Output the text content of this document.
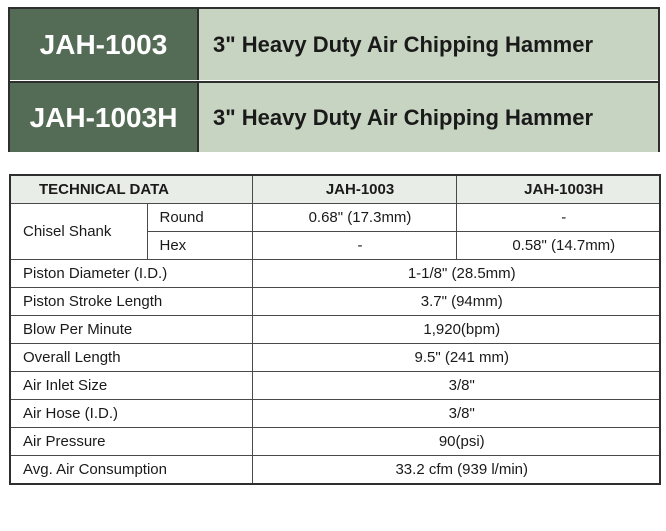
JAH-1003	3" Heavy Duty Air Chipping Hammer
JAH-1003H	3" Heavy Duty Air Chipping Hammer
TECHNICAL DATA		JAH-1003	JAH-1003H
Chisel Shank	Round	0.68" (17.3mm)	-
	Hex	-	0.58" (14.7mm)
Piston Diameter (I.D.)		1-1/8" (28.5mm)	
Piston Stroke Length		3.7" (94mm)	
Blow Per Minute		1,920(bpm)	
Overall Length		9.5" (241 mm)	
Air Inlet Size		3/8"	
Air Hose (I.D.)		3/8"	
Air Pressure		90(psi)	
Avg. Air Consumption		33.2 cfm (939 l/min)	
